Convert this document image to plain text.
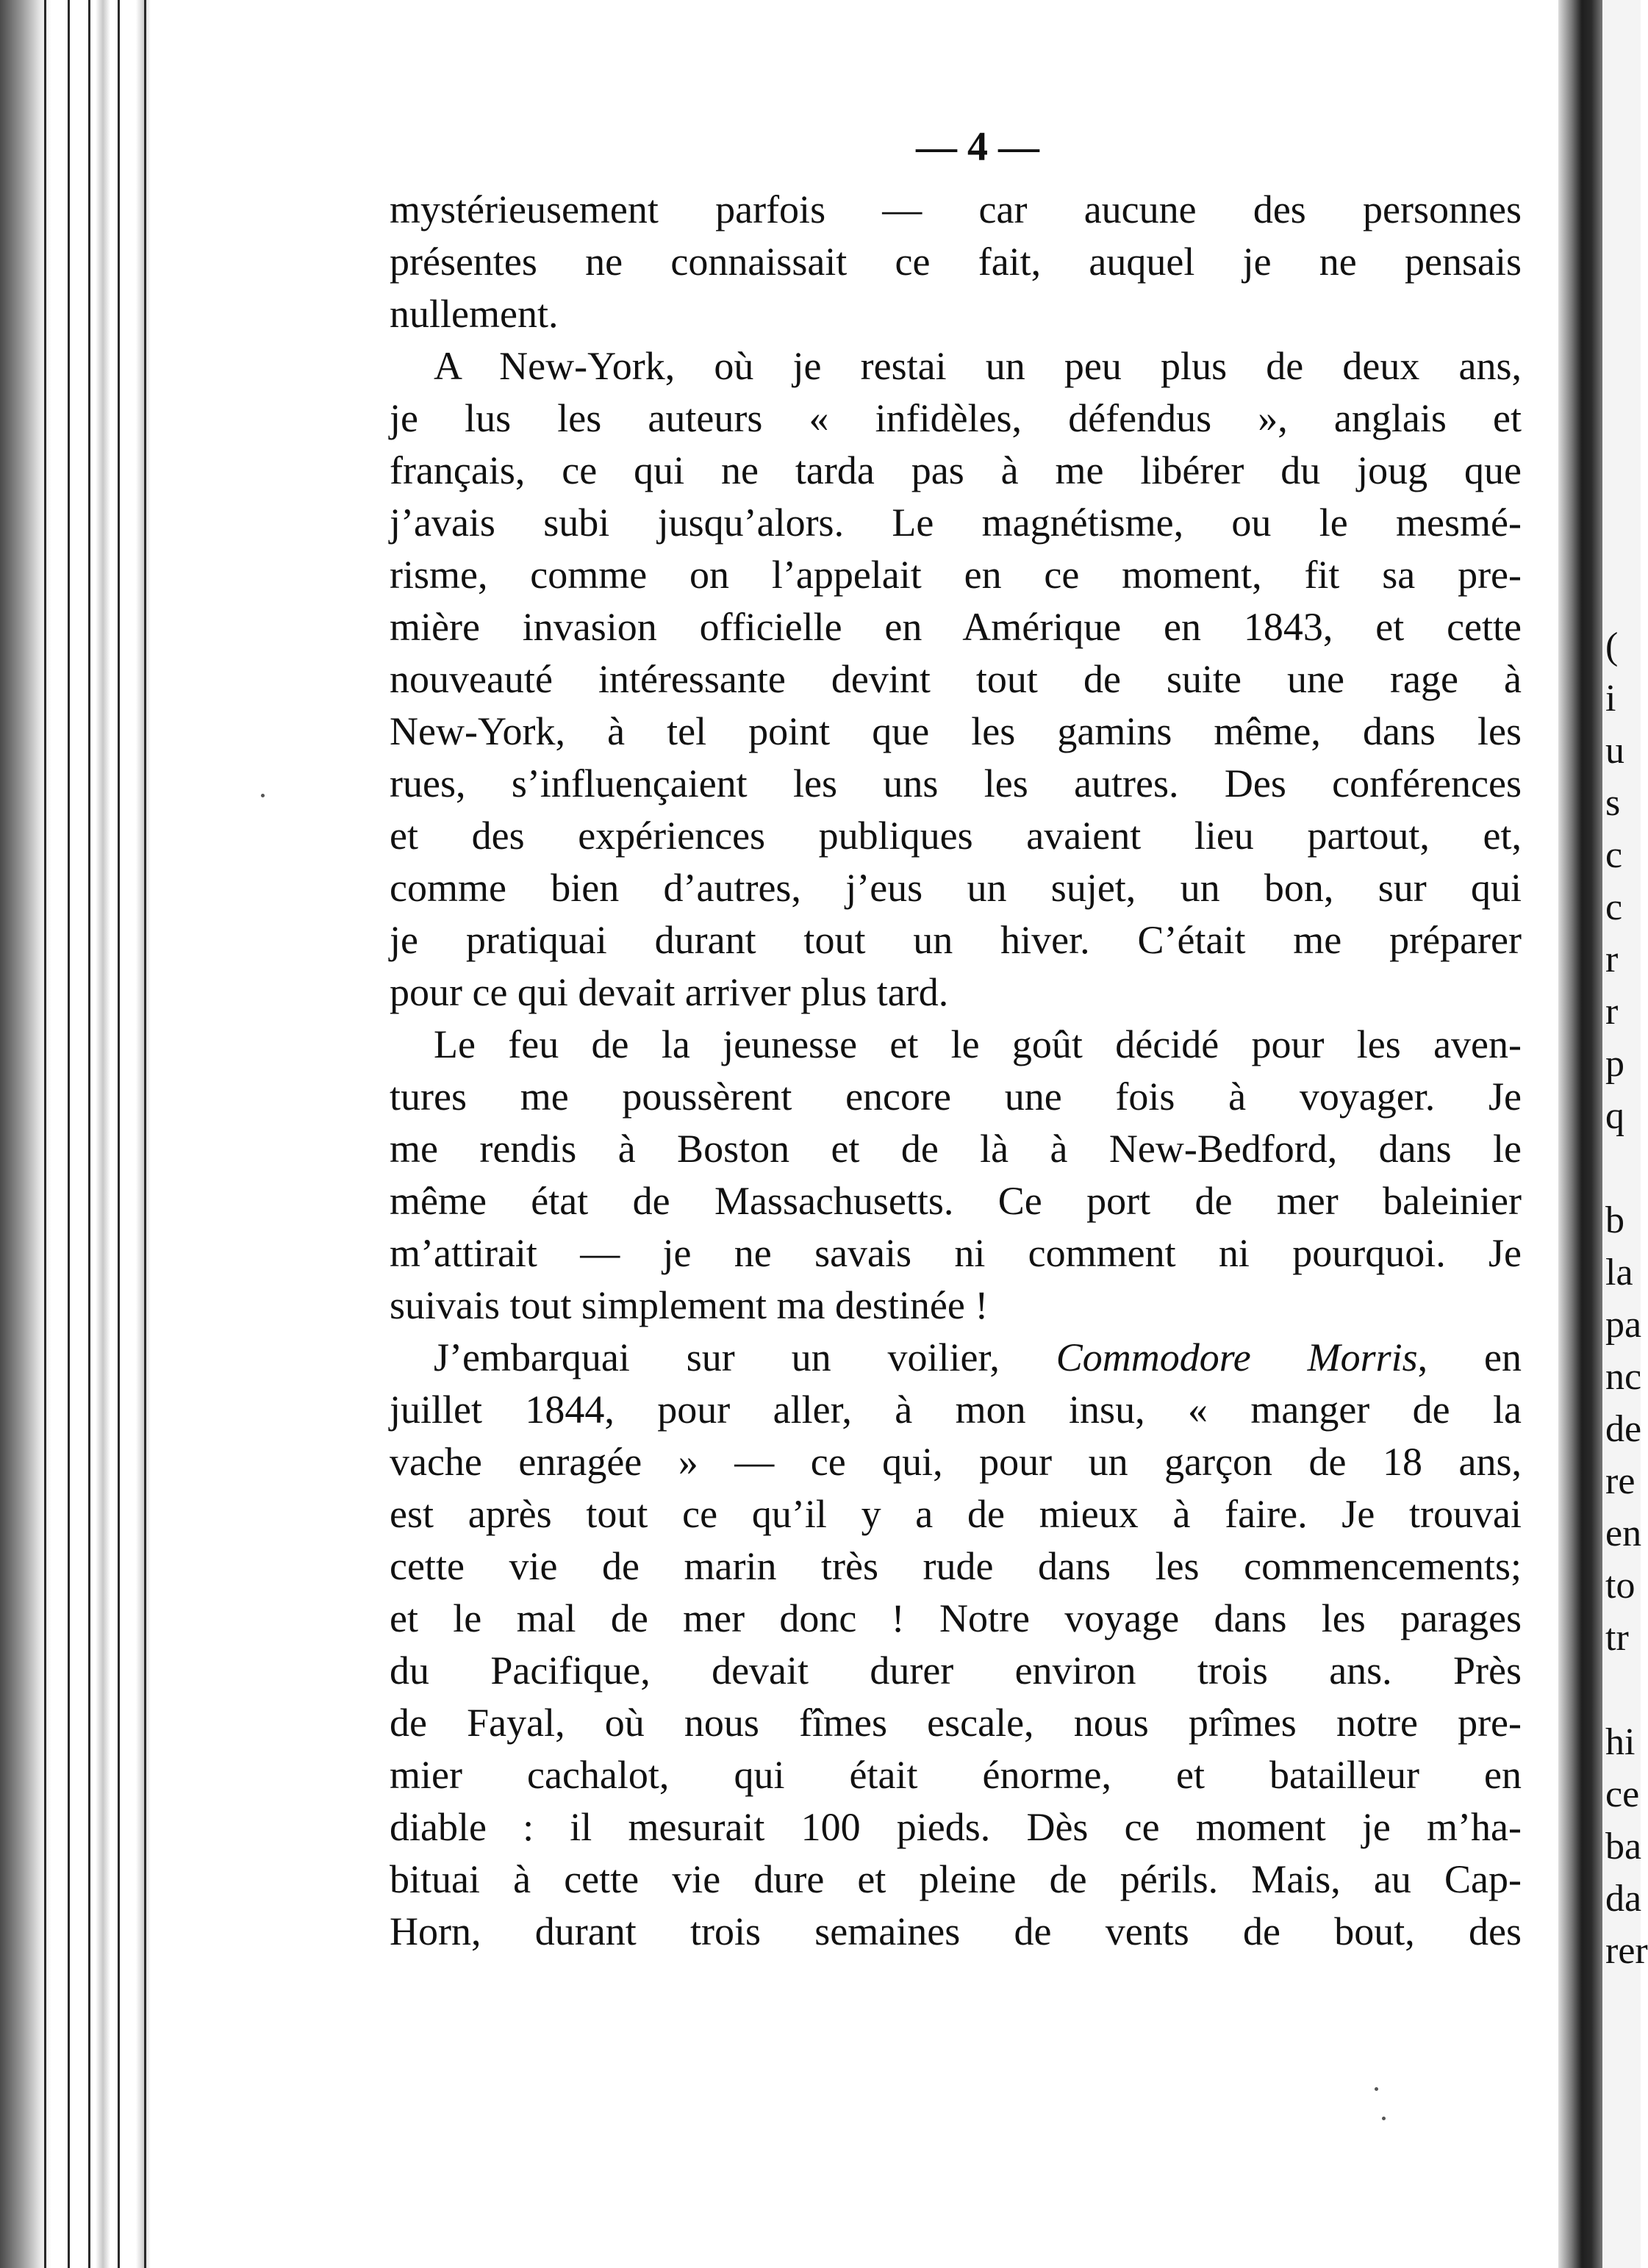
— 4 —
mystérieusement parfois — car aucune des personnes
présentes ne connaissait ce fait, auquel je ne pensais
nullement.
A New-York, où je restai un peu plus de deux ans,
je lus les auteurs « infidèles, défendus », anglais et
français, ce qui ne tarda pas à me libérer du joug que
j’avais subi jusqu’alors. Le magnétisme, ou le mesmé-
risme, comme on l’appelait en ce moment, fit sa pre-
mière invasion officielle en Amérique en 1843, et cette
nouveauté intéressante devint tout de suite une rage à
New-York, à tel point que les gamins même, dans les
rues, s’influençaient les uns les autres. Des conférences
et des expériences publiques avaient lieu partout, et,
comme bien d’autres, j’eus un sujet, un bon, sur qui
je pratiquai durant tout un hiver. C’était me préparer
pour ce qui devait arriver plus tard.
Le feu de la jeunesse et le goût décidé pour les aven-
tures me poussèrent encore une fois à voyager. Je
me rendis à Boston et de là à New-Bedford, dans le
même état de Massachusetts. Ce port de mer baleinier
m’attirait — je ne savais ni comment ni pourquoi. Je
suivais tout simplement ma destinée !
J’embarquai sur un voilier, Commodore Morris, en
juillet 1844, pour aller, à mon insu, « manger de la
vache enragée » — ce qui, pour un garçon de 18 ans,
est après tout ce qu’il y a de mieux à faire. Je trouvai
cette vie de marin très rude dans les commencements;
et le mal de mer donc ! Notre voyage dans les parages
du Pacifique, devait durer environ trois ans. Près
de Fayal, où nous fîmes escale, nous prîmes notre pre-
mier cachalot, qui était énorme, et batailleur en
diable : il mesurait 100 pieds. Dès ce moment je m’ha-
bituai à cette vie dure et pleine de périls. Mais, au Cap-
Horn, durant trois semaines de vents de bout, des
(
i
u
s
c
c
r
r
p
q
b
la
pa
nc
de
re
en
to
tr
hi
ce
ba
da
rer
